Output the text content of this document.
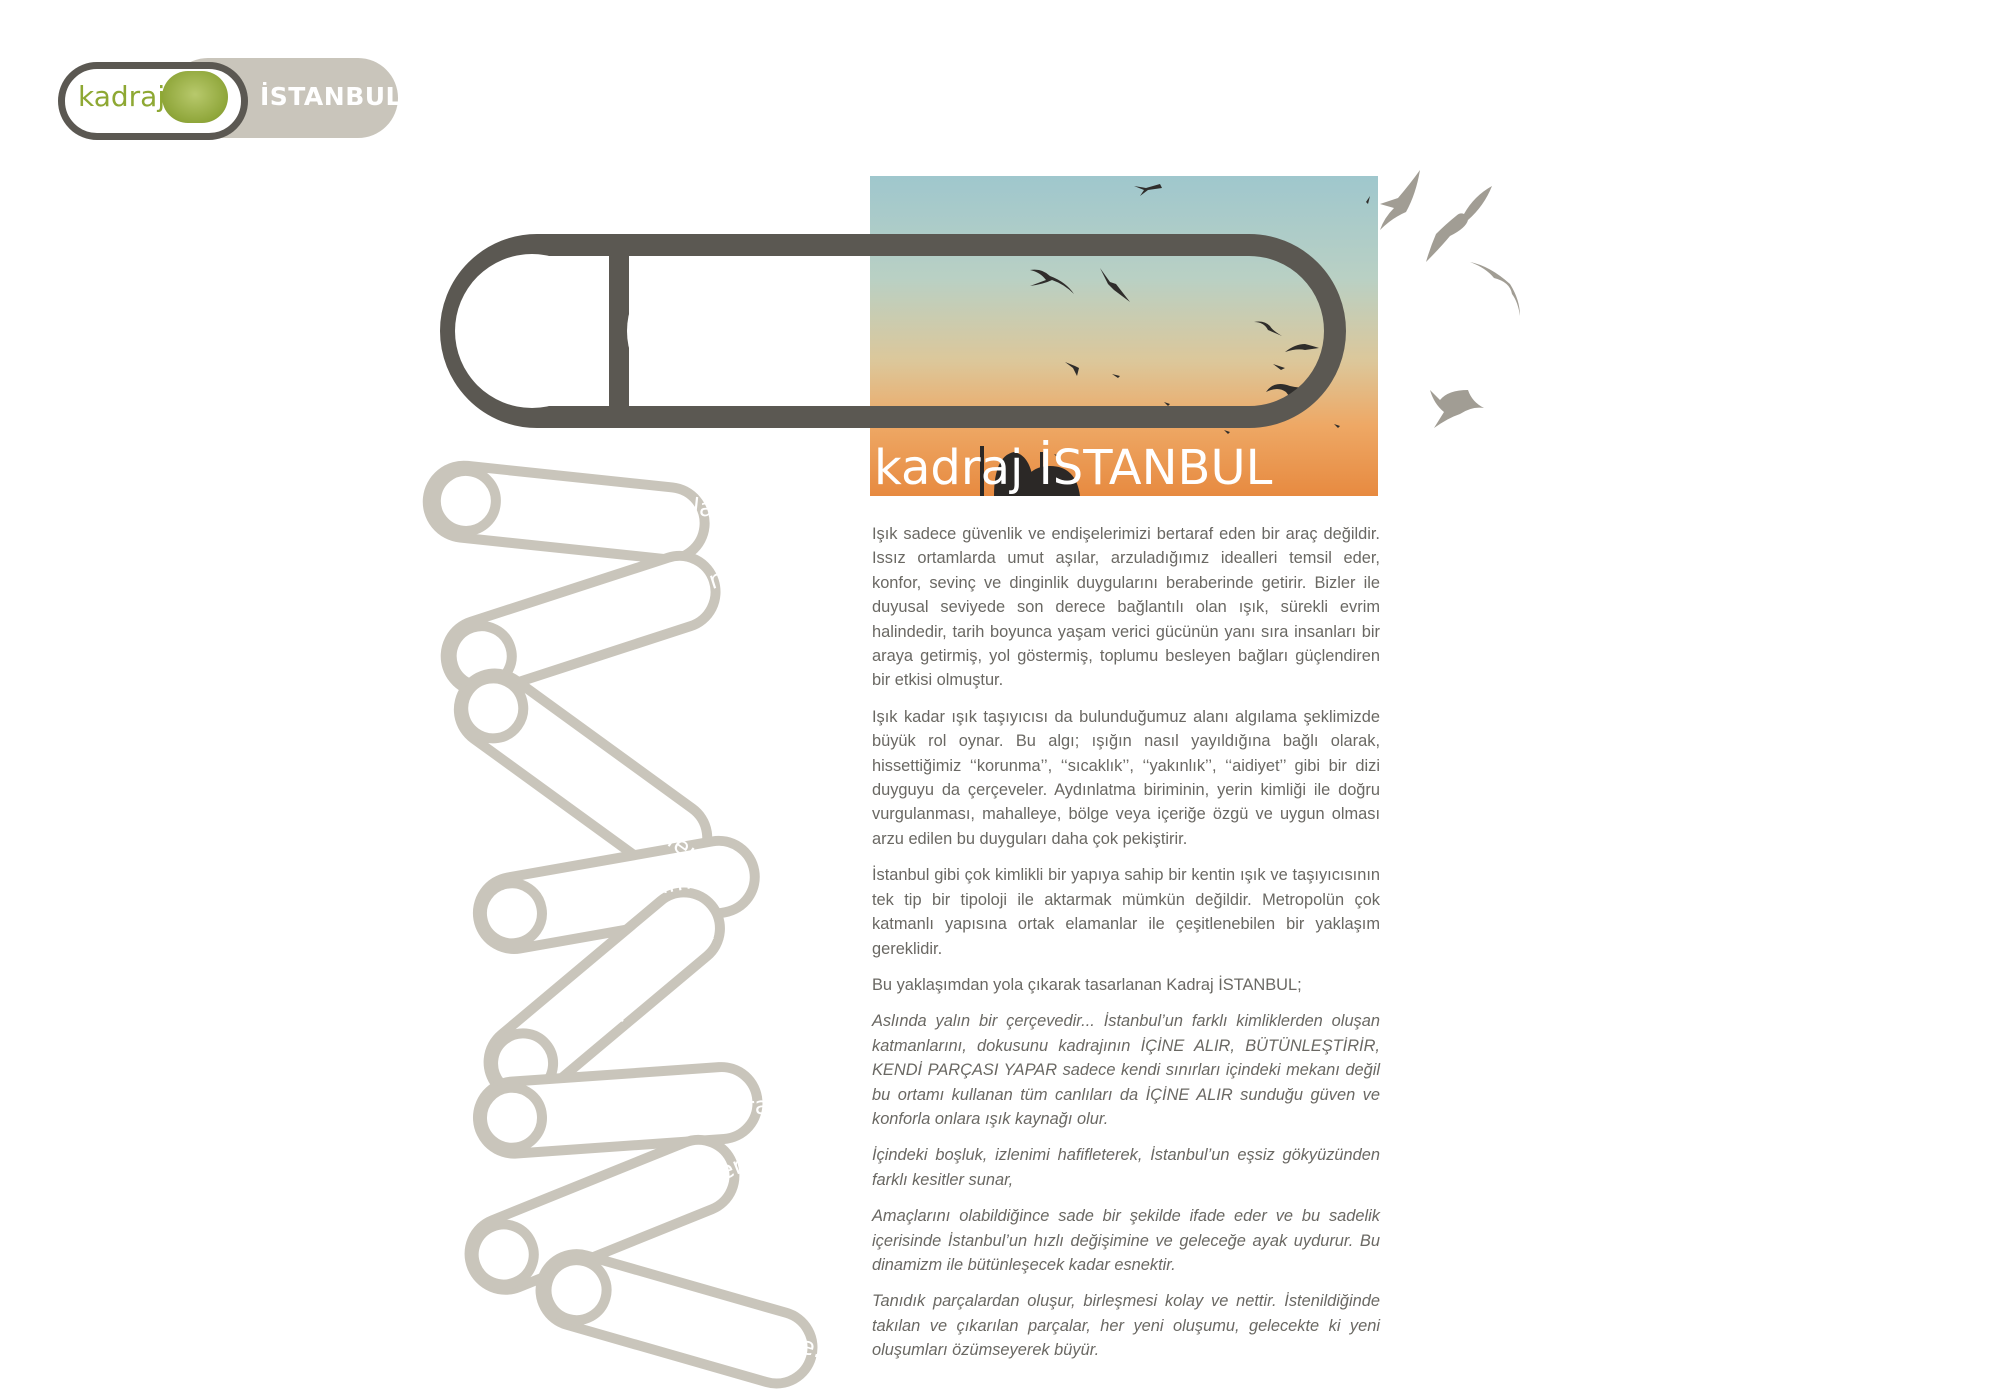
kadraj	İSTANBUL
kadraj İSTANBUL
tarihi katmanlar
kültürel katmanlar
farklı hikayeler
farklı kimlikler
hep birlikte...
istanbul bir kadraj
bakan göz de sensin
fotoğraftaki de...

Işık sadece güvenlik ve endişelerimizi bertaraf eden bir araç değildir. Issız ortamlarda umut aşılar, arzuladığımız idealleri temsil eder, konfor, sevinç ve dinginlik duygularını beraberinde getirir. Bizler ile duyusal seviyede son derece bağlantılı olan ışık, sürekli evrim halindedir, tarih boyunca yaşam verici gücünün yanı sıra insanları bir araya getirmiş, yol göstermiş, toplumu besleyen bağları güçlendiren bir etkisi olmuştur.

Işık kadar ışık taşıyıcısı da bulunduğumuz alanı algılama şeklimizde büyük rol oynar. Bu algı; ışığın nasıl yayıldığına bağlı olarak, hissettiğimiz ‘‘korunma’’, ‘‘sıcaklık’’, ‘‘yakınlık’’, ‘‘aidiyet’’ gibi bir dizi duyguyu da çerçeveler. Aydınlatma biriminin, yerin kimliği ile doğru vurgulanması, mahalleye, bölge veya içeriğe özgü ve uygun olması arzu edilen bu duyguları daha çok pekiştirir.

İstanbul gibi çok kimlikli bir yapıya sahip bir kentin ışık ve taşıyıcısının tek tip bir tipoloji ile aktarmak mümkün değildir. Metropolün çok katmanlı yapısına ortak elamanlar ile çeşitlenebilen bir yaklaşım gereklidir.

Bu yaklaşımdan yola çıkarak tasarlanan Kadraj İSTANBUL;

Aslında yalın bir çerçevedir... İstanbul’un farklı kimliklerden oluşan katmanlarını, dokusunu kadrajının İÇİNE ALIR, BÜTÜNLEŞTİRİR, KENDİ PARÇASI YAPAR sadece kendi sınırları içindeki mekanı değil bu ortamı kullanan tüm canlıları da İÇİNE ALIR sunduğu güven ve konforla onlara ışık kaynağı olur.

İçindeki boşluk, izlenimi hafifleterek, İstanbul’un eşsiz gökyüzünden farklı kesitler sunar,

Amaçlarını olabildiğince sade bir şekilde ifade eder ve bu sadelik içerisinde İstanbul’un hızlı değişimine ve geleceğe ayak uydurur. Bu dinamizm ile bütünleşecek kadar esnektir.

Tanıdık parçalardan oluşur, birleşmesi kolay ve nettir. İstenildiğinde takılan ve çıkarılan parçalar, her yeni oluşumu, gelecekte ki yeni oluşumları özümseyerek büyür.
